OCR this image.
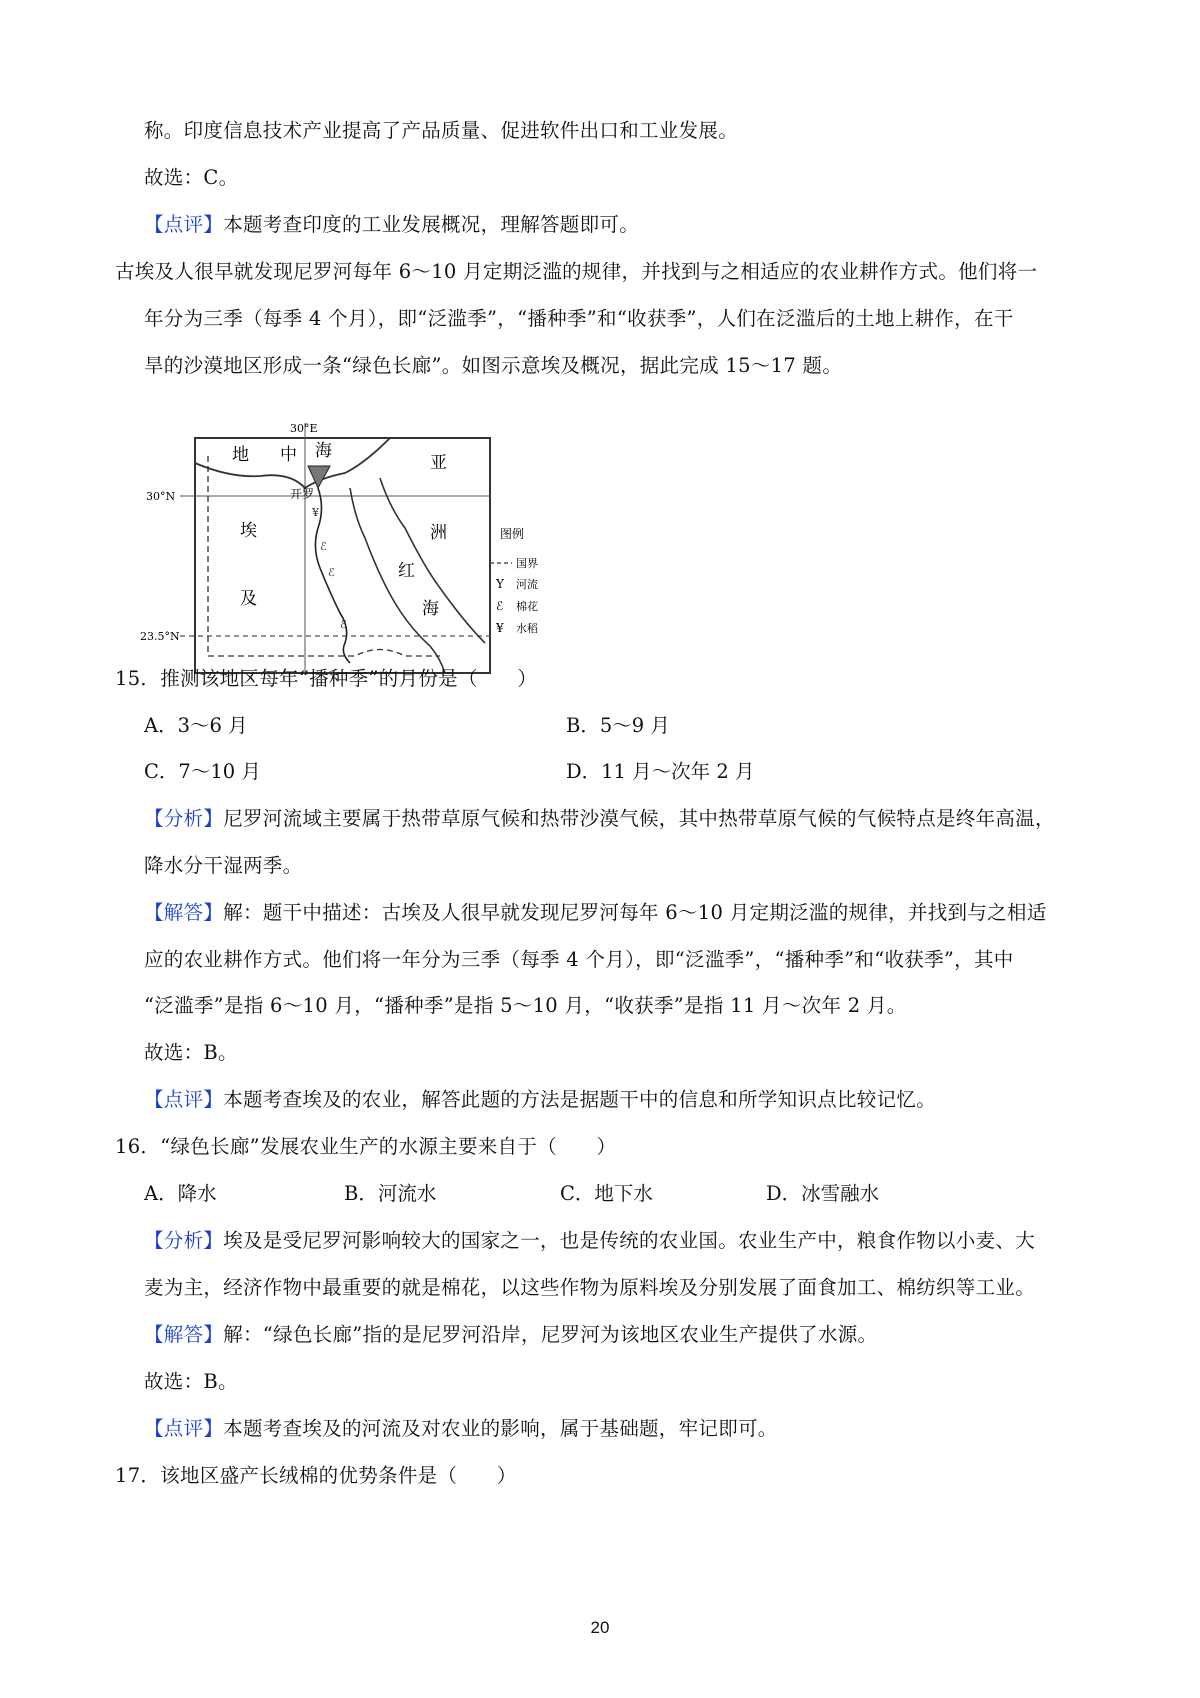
称。印度信息技术产业提高了产品质量、促进软件出口和工业发展。
故选：C。
【点评】本题考查印度的工业发展概况，理解答题即可。
古埃及人很早就发现尼罗河每年 6～10 月定期泛滥的规律，并找到与之相适应的农业耕作方式。他们将一
年分为三季（每季 4 个月），即“泛滥季”，“播种季”和“收获季”，人们在泛滥后的土地上耕作，在干
旱的沙漠地区形成一条“绿色长廊”。如图示意埃及概况，据此完成 15～17 题。
ℰ
ℰ
ℰ
¥
30°E
30°N
23.5°N
地 中 海
亚
洲
埃
及
红
海
开罗
图例
国界
Y 河流
ℰ 棉花
¥ 水稻
15．推测该地区每年“播种季”的月份是（　　）
A．3～6 月	B．5～9 月
C．7～10 月	D．11 月～次年 2 月
【分析】尼罗河流域主要属于热带草原气候和热带沙漠气候，其中热带草原气候的气候特点是终年高温，
降水分干湿两季。
【解答】解：题干中描述：古埃及人很早就发现尼罗河每年 6～10 月定期泛滥的规律，并找到与之相适
应的农业耕作方式。他们将一年分为三季（每季 4 个月），即“泛滥季”，“播种季”和“收获季”，其中
“泛滥季”是指 6～10 月，“播种季”是指 5～10 月，“收获季”是指 11 月～次年 2 月。
故选：B。
【点评】本题考查埃及的农业，解答此题的方法是据题干中的信息和所学知识点比较记忆。
16．“绿色长廊”发展农业生产的水源主要来自于（　　）
A．降水	B．河流水	C．地下水	D．冰雪融水
【分析】埃及是受尼罗河影响较大的国家之一，也是传统的农业国。农业生产中，粮食作物以小麦、大
麦为主，经济作物中最重要的就是棉花，以这些作物为原料埃及分别发展了面食加工、棉纺织等工业。
【解答】解：“绿色长廊”指的是尼罗河沿岸，尼罗河为该地区农业生产提供了水源。
故选：B。
【点评】本题考查埃及的河流及对农业的影响，属于基础题，牢记即可。
17．该地区盛产长绒棉的优势条件是（　　）
20
